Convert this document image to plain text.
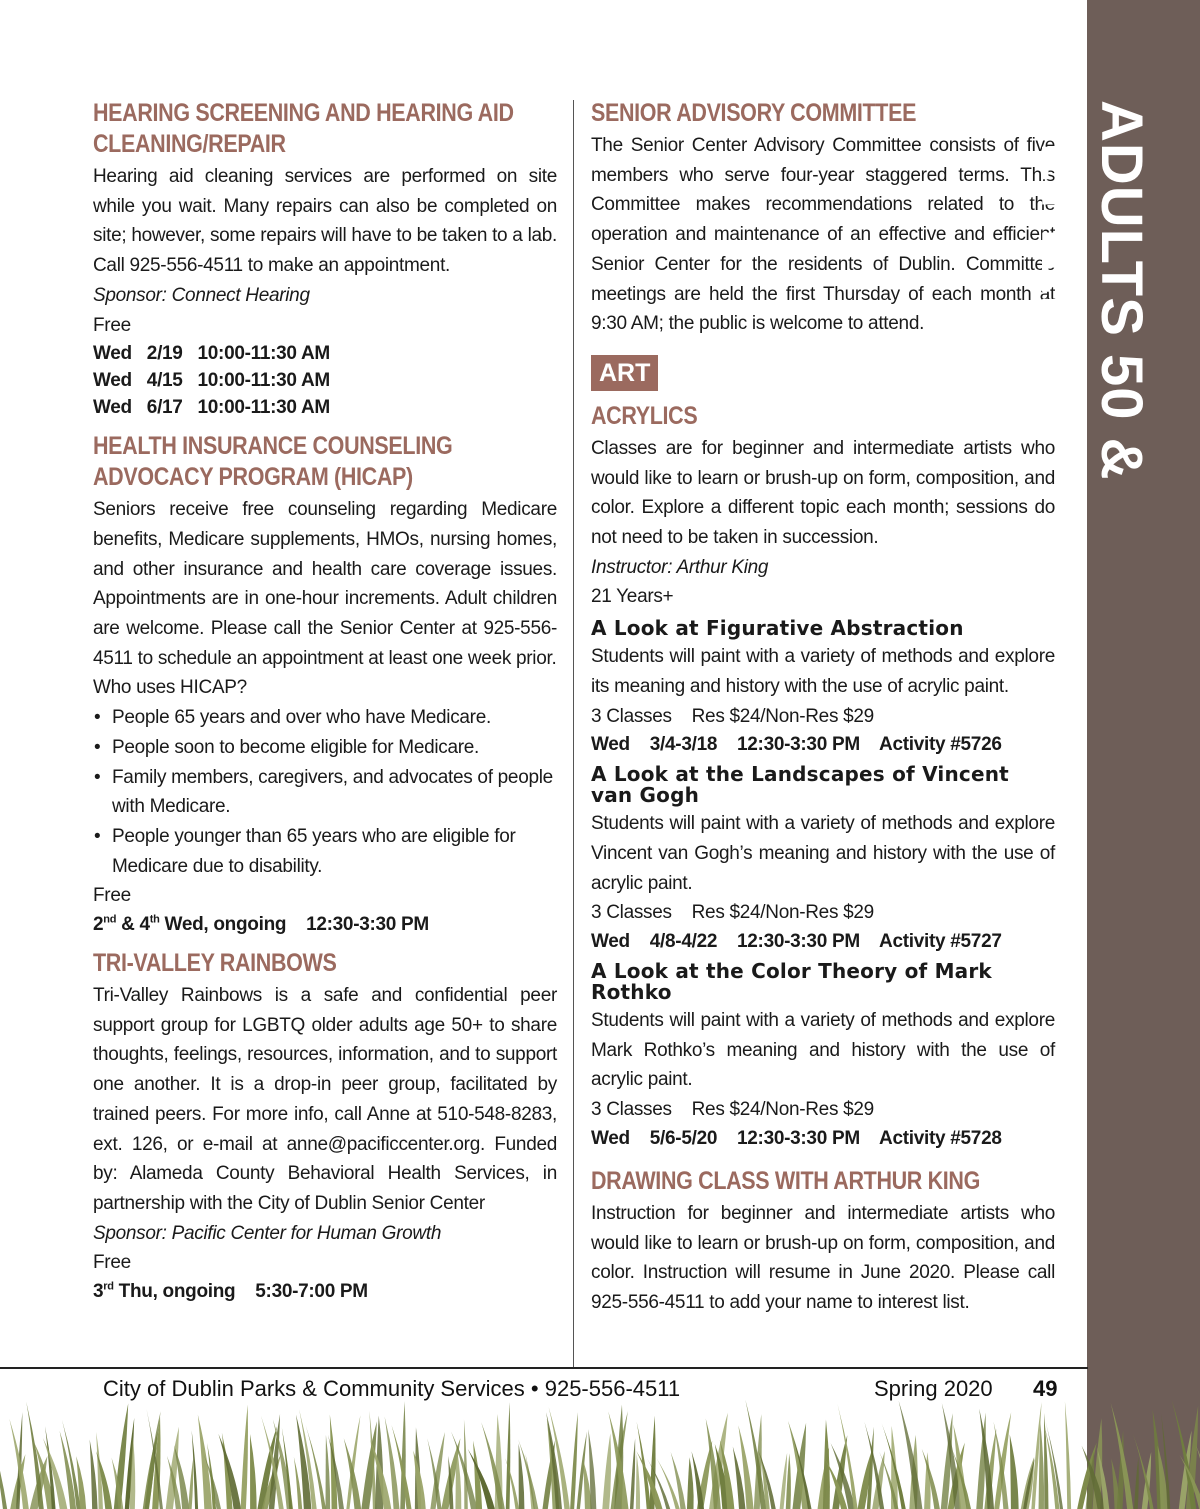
HEARING SCREENING AND HEARING AID CLEANING/REPAIR

Hearing aid cleaning services are performed on site while you wait. Many repairs can also be completed on site; however, some repairs will have to be taken to a lab. Call 925-556-4511 to make an appointment.

Sponsor: Connect Hearing

Free

Wed   2/19   10:00-11:30 AM

Wed   4/15   10:00-11:30 AM

Wed   6/17   10:00-11:30 AM

HEALTH INSURANCE COUNSELING ADVOCACY PROGRAM (HICAP)

Seniors receive free counseling regarding Medicare benefits, Medicare supplements, HMOs, nursing homes, and other insurance and health care coverage issues. Appointments are in one-hour increments. Adult children are welcome. Please call the Senior Center at 925-556-4511 to schedule an appointment at least one week prior.

Who uses HICAP?

• People 65 years and over who have Medicare.
• People soon to become eligible for Medicare.
• Family members, caregivers, and advocates of people with Medicare.
• People younger than 65 years who are eligible for Medicare due to disability.

Free

2nd & 4th Wed, ongoing    12:30-3:30 PM

TRI-VALLEY RAINBOWS

Tri-Valley Rainbows is a safe and confidential peer support group for LGBTQ older adults age 50+ to share thoughts, feelings, resources, information, and to support one another. It is a drop-in peer group, facilitated by trained peers. For more info, call Anne at 510-548-8283, ext. 126, or e-mail at anne@pacificcenter.org. Funded by: Alameda County Behavioral Health Services, in partnership with the City of Dublin Senior Center

Sponsor: Pacific Center for Human Growth

Free

3rd Thu, ongoing    5:30-7:00 PM

SENIOR ADVISORY COMMITTEE

The Senior Center Advisory Committee consists of five members who serve four-year staggered terms. This Committee makes recommendations related to the operation and maintenance of an effective and efficient Senior Center for the residents of Dublin. Committee meetings are held the first Thursday of each month at 9:30 AM; the public is welcome to attend.

ART
ACRYLICS

Classes are for beginner and intermediate artists who would like to learn or brush-up on form, composition, and color. Explore a different topic each month; sessions do not need to be taken in succession.

Instructor: Arthur King

21 Years+

A Look at Figurative Abstraction

Students will paint with a variety of methods and explore its meaning and history with the use of acrylic paint.

3 Classes    Res $24/Non-Res $29

Wed    3/4-3/18    12:30-3:30 PM    Activity #5726

A Look at the Landscapes of Vincent van Gogh

Students will paint with a variety of methods and explore Vincent van Gogh’s meaning and history with the use of acrylic paint.

3 Classes    Res $24/Non-Res $29

Wed    4/8-4/22    12:30-3:30 PM    Activity #5727

A Look at the Color Theory of Mark Rothko

Students will paint with a variety of methods and explore Mark Rothko’s meaning and history with the use of acrylic paint.

3 Classes    Res $24/Non-Res $29

Wed    5/6-5/20    12:30-3:30 PM    Activity #5728

DRAWING CLASS WITH ARTHUR KING

Instruction for beginner and intermediate artists who would like to learn or brush-up on form, composition, and color. Instruction will resume in June 2020. Please call 925-556-4511 to add your name to interest list.

ADULTS 50 & BETTER
City of Dublin Parks & Community Services • 925-556-4511	Spring 2020 49
